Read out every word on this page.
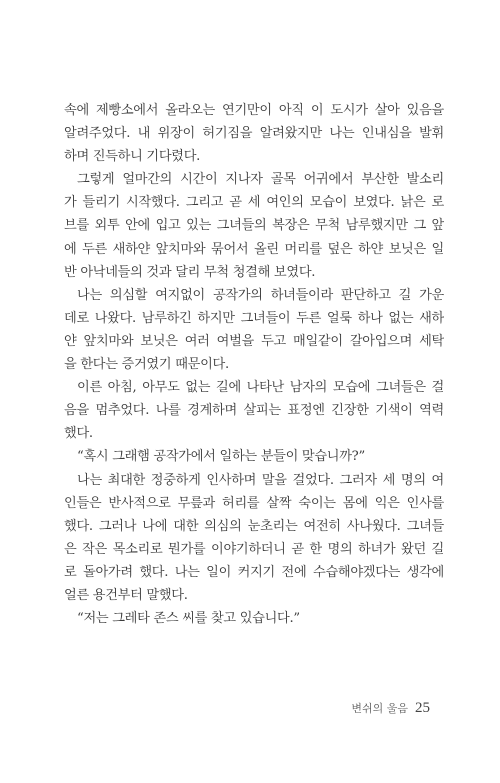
속에 제빵소에서 올라오는 연기만이 아직 이 도시가 살아 있음을
알려주었다. 내 위장이 허기짐을 알려왔지만 나는 인내심을 발휘
하며 진득하니 기다렸다.
그렇게 얼마간의 시간이 지나자 골목 어귀에서 부산한 발소리
가 들리기 시작했다. 그리고 곧 세 여인의 모습이 보였다. 낡은 로
브를 외투 안에 입고 있는 그녀들의 복장은 무척 남루했지만 그 앞
에 두른 새하얀 앞치마와 묶어서 올린 머리를 덮은 하얀 보닛은 일
반 아낙네들의 것과 달리 무척 청결해 보였다.
나는 의심할 여지없이 공작가의 하녀들이라 판단하고 길 가운
데로 나왔다. 남루하긴 하지만 그녀들이 두른 얼룩 하나 없는 새하
얀 앞치마와 보닛은 여러 여벌을 두고 매일같이 갈아입으며 세탁
을 한다는 증거였기 때문이다.
이른 아침, 아무도 없는 길에 나타난 남자의 모습에 그녀들은 걸
음을 멈추었다. 나를 경계하며 살피는 표정엔 긴장한 기색이 역력
했다.
“혹시 그래햄 공작가에서 일하는 분들이 맞습니까?”
나는 최대한 정중하게 인사하며 말을 걸었다. 그러자 세 명의 여
인들은 반사적으로 무릎과 허리를 살짝 숙이는 몸에 익은 인사를
했다. 그러나 나에 대한 의심의 눈초리는 여전히 사나웠다. 그녀들
은 작은 목소리로 뭔가를 이야기하더니 곧 한 명의 하녀가 왔던 길
로 돌아가려 했다. 나는 일이 커지기 전에 수습해야겠다는 생각에
얼른 용건부터 말했다.
“저는 그레타 존스 씨를 찾고 있습니다.”
변쉬의 울음 25
